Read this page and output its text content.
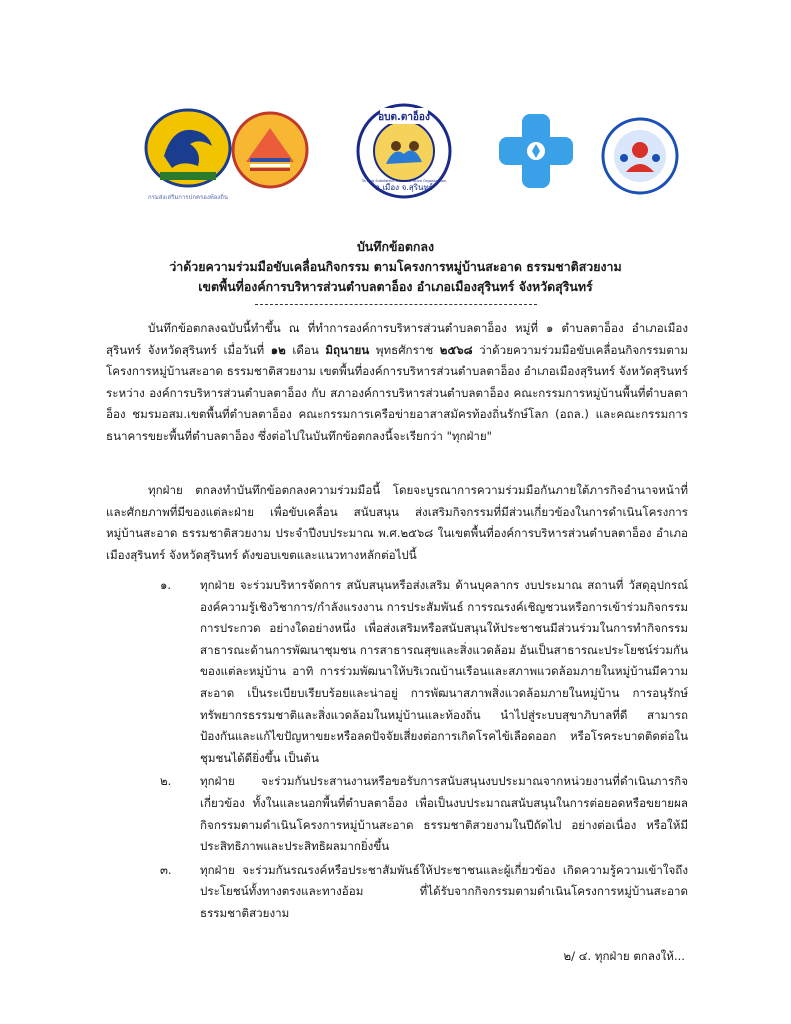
กรมส่งเสริมการปกครองท้องถิ่น
อบต.ตาอ็อง
อ.เมือง จ.สุรินทร์
Ta Ong Subdistrict Administrative Organization
บันทึกข้อตกลง
ว่าด้วยความร่วมมือขับเคลื่อนกิจกรรม ตามโครงการหมู่บ้านสะอาด ธรรมชาติสวยงาม
เขตพื้นที่องค์การบริหารส่วนตำบลตาอ็อง อำเภอเมืองสุรินทร์ จังหวัดสุรินทร์
บันทึกข้อตกลงฉบับนี้ทำขึ้น ณ ที่ทำการองค์การบริหารส่วนตำบลตาอ็อง หมู่ที่ ๑ ตำบลตาอ็อง อำเภอเมืองสุรินทร์ จังหวัดสุรินทร์ เมื่อวันที่ ๑๒ เดือน มิถุนายน พุทธศักราช ๒๕๖๘ ว่าด้วยความร่วมมือขับเคลื่อนกิจกรรมตามโครงการหมู่บ้านสะอาด ธรรมชาติสวยงาม เขตพื้นที่องค์การบริหารส่วนตำบลตาอ็อง อำเภอเมืองสุรินทร์ จังหวัดสุรินทร์ ระหว่าง องค์การบริหารส่วนตำบลตาอ็อง กับ สภาองค์การบริหารส่วนตำบลตาอ็อง คณะกรรมการหมู่บ้านพื้นที่ตำบลตาอ็อง ชมรมอสม.เขตพื้นที่ตำบลตาอ็อง คณะกรรมการเครือข่ายอาสาสมัครท้องถิ่นรักษ์โลก (อถล.) และคณะกรรมการธนาคารขยะพื้นที่ตำบลตาอ็อง ซึ่งต่อไปในบันทึกข้อตกลงนี้จะเรียกว่า "ทุกฝ่าย"
ทุกฝ่าย ตกลงทำบันทึกข้อตกลงความร่วมมือนี้ โดยจะบูรณาการความร่วมมือกันภายใต้ภารกิจอำนาจหน้าที่และศักยภาพที่มีของแต่ละฝ่าย เพื่อขับเคลื่อน สนับสนุน ส่งเสริมกิจกรรมที่มีส่วนเกี่ยวข้องในการดำเนินโครงการหมู่บ้านสะอาด ธรรมชาติสวยงาม ประจำปีงบประมาณ พ.ศ.๒๕๖๘ ในเขตพื้นที่องค์การบริหารส่วนตำบลตาอ็อง อำเภอเมืองสุรินทร์ จังหวัดสุรินทร์ ดังขอบเขตและแนวทางหลักต่อไปนี้
๑. ทุกฝ่าย จะร่วมบริหารจัดการ สนับสนุนหรือส่งเสริม ด้านบุคลากร งบประมาณ สถานที่ วัสดุอุปกรณ์ องค์ความรู้เชิงวิชาการ/กำลังแรงงาน การประสัมพันธ์ การรณรงค์เชิญชวนหรือการเข้าร่วมกิจกรรมการประกวด อย่างใดอย่างหนึ่ง เพื่อส่งเสริมหรือสนับสนุนให้ประชาชนมีส่วนร่วมในการทำกิจกรรมสาธารณะด้านการพัฒนาชุมชน การสาธารณสุขและสิ่งแวดล้อม อันเป็นสาธารณะประโยชน์ร่วมกันของแต่ละหมู่บ้าน อาทิ การร่วมพัฒนาให้บริเวณบ้านเรือนและสภาพแวดล้อมภายในหมู่บ้านมีความสะอาด เป็นระเบียบเรียบร้อยและน่าอยู่ การพัฒนาสภาพสิ่งแวดล้อมภายในหมู่บ้าน การอนุรักษ์ทรัพยากรธรรมชาติและสิ่งแวดล้อมในหมู่บ้านและท้องถิ่น นำไปสู่ระบบสุขาภิบาลที่ดี สามารถป้องกันและแก้ไขปัญหาขยะหรือลดปัจจัยเสี่ยงต่อการเกิดโรคไข้เลือดออก หรือโรคระบาดติดต่อในชุมชนได้ดียิ่งขึ้น เป็นต้น
๒. ทุกฝ่าย จะร่วมกันประสานงานหรือขอรับการสนับสนุนงบประมาณจากหน่วยงานที่ดำเนินภารกิจเกี่ยวข้อง ทั้งในและนอกพื้นที่ตำบลตาอ็อง เพื่อเป็นงบประมาณสนับสนุนในการต่อยอดหรือขยายผลกิจกรรมตามดำเนินโครงการหมู่บ้านสะอาด ธรรมชาติสวยงามในปีถัดไป อย่างต่อเนื่อง หรือให้มีประสิทธิภาพและประสิทธิผลมากยิ่งขึ้น
๓. ทุกฝ่าย จะร่วมกันรณรงค์หรือประชาสัมพันธ์ให้ประชาชนและผู้เกี่ยวข้อง เกิดความรู้ความเข้าใจถึงประโยชน์ทั้งทางตรงและทางอ้อม ที่ได้รับจากกิจกรรมตามดำเนินโครงการหมู่บ้านสะอาด ธรรมชาติสวยงาม
๒/ ๔. ทุกฝ่าย ตกลงให้...
